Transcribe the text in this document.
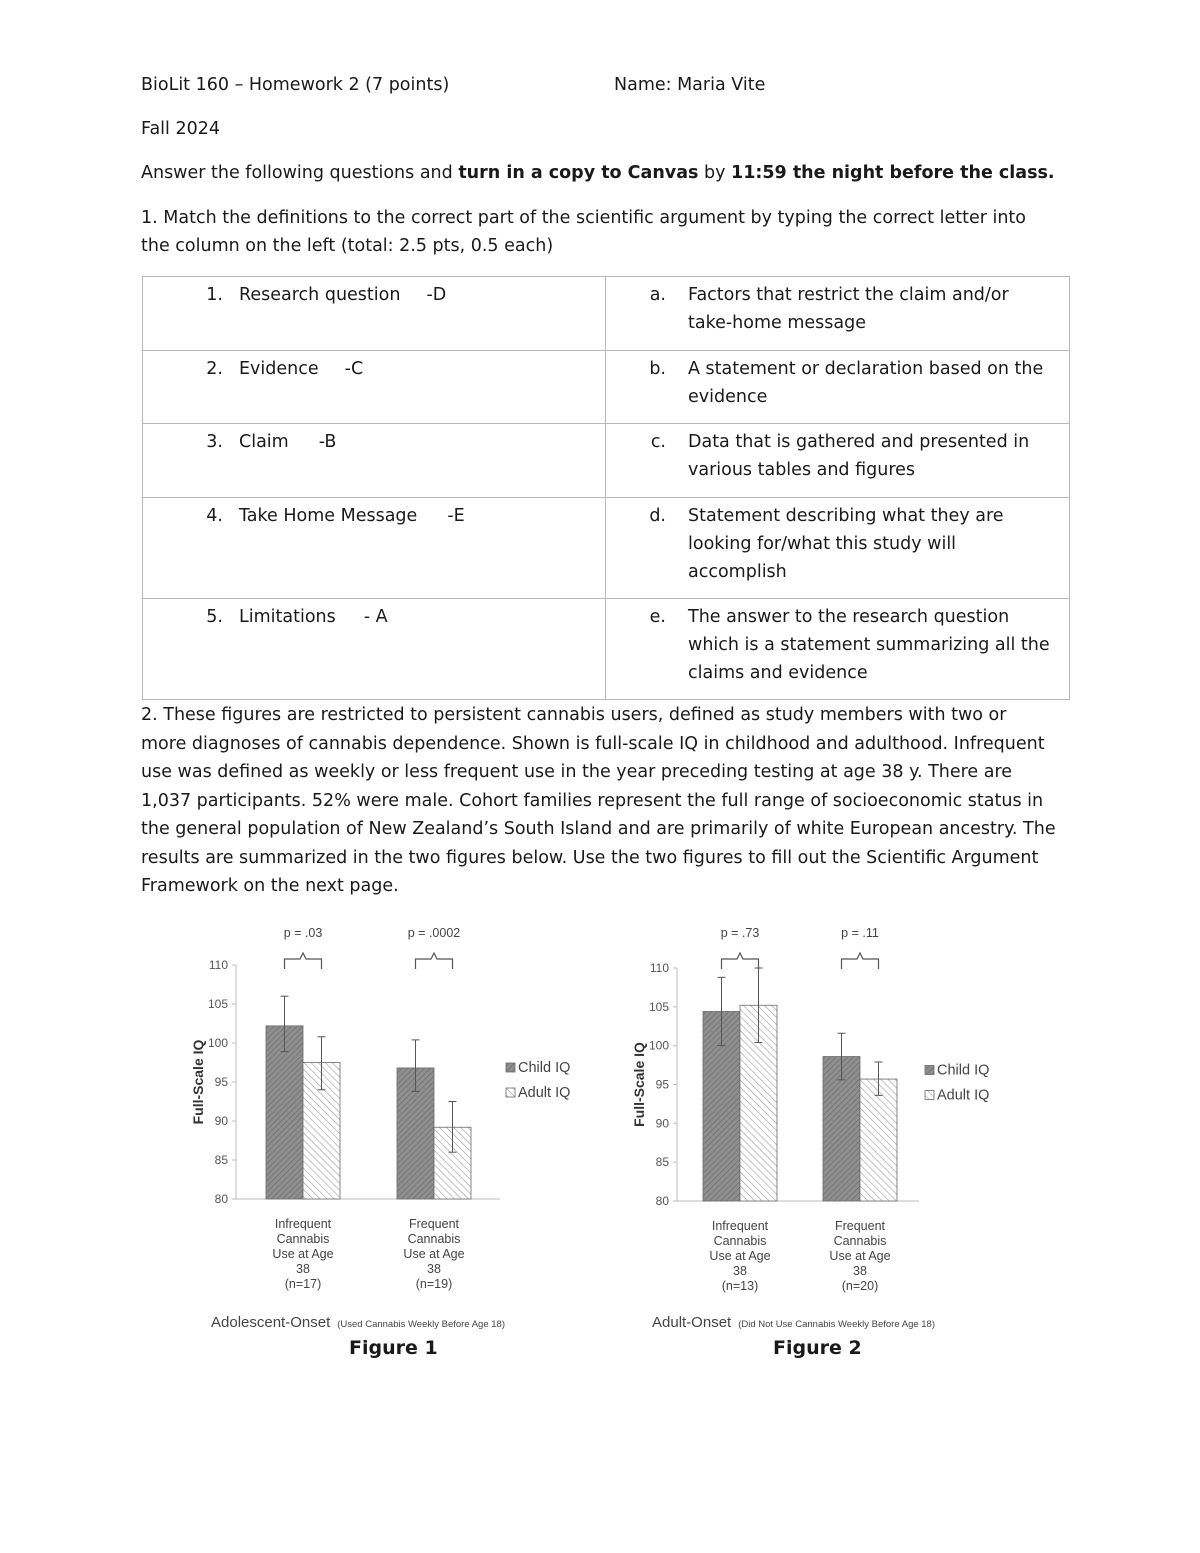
BioLit 160 – Homework 2 (7 points)	Name: Maria Vite
Fall 2024
Answer the following questions and turn in a copy to Canvas by 11:59 the night before the class.
1. Match the definitions to the correct part of the scientific argument by typing the correct letter into
the column on the left (total: 2.5 pts, 0.5 each)
1. Research question -D	a. Factors that restrict the claim and/or take-home message

2. Evidence -C	b. A statement or declaration based on the evidence

3. Claim -B	c. Data that is gathered and presented in various tables and figures

4. Take Home Message -E	d. Statement describing what they are looking for/what this study will accomplish

5. Limitations - A	e. The answer to the research question which is a statement summarizing all the claims and evidence
2. These figures are restricted to persistent cannabis users, defined as study members with two or more diagnoses of cannabis dependence. Shown is full-scale IQ in childhood and adulthood. Infrequent use was defined as weekly or less frequent use in the year preceding testing at age 38 y. There are 1,037 participants. 52% were male. Cohort families represent the full range of socioeconomic status in the general population of New Zealand’s South Island and are primarily of white European ancestry. The results are summarized in the two figures below. Use the two figures to fill out the Scientific Argument Framework on the next page.
80
85
90
95
100
105
110
Full-Scale IQ
p = .03
Infrequent
Cannabis
Use at Age
38
(n=17)
p = .0002
Frequent
Cannabis
Use at Age
38
(n=19)
Child IQ
Adult IQ
Adolescent-Onset (Used Cannabis Weekly Before Age 18)
Figure 1
80
85
90
95
100
105
110
Full-Scale IQ
p = .73
Infrequent
Cannabis
Use at Age
38
(n=13)
p = .11
Frequent
Cannabis
Use at Age
38
(n=20)
Child IQ
Adult IQ
Adult-Onset (Did Not Use Cannabis Weekly Before Age 18)
Figure 2
